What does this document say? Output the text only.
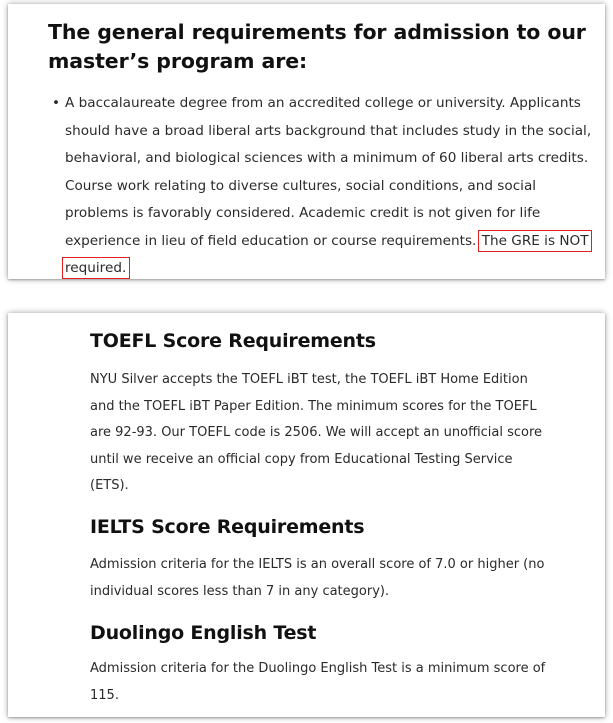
The general requirements for admission to our master’s program are:
• A baccalaureate degree from an accredited college or university. Applicants should have a broad liberal arts background that includes study in the social, behavioral, and biological sciences with a minimum of 60 liberal arts credits. Course work relating to diverse cultures, social conditions, and social problems is favorably considered. Academic credit is not given for life experience in lieu of field education or course requirements. The GRE is NOT required.
TOEFL Score Requirements

NYU Silver accepts the TOEFL iBT test, the TOEFL iBT Home Edition and the TOEFL iBT Paper Edition. The minimum scores for the TOEFL are 92-93. Our TOEFL code is 2506. We will accept an unofficial score until we receive an official copy from Educational Testing Service (ETS).

IELTS Score Requirements

Admission criteria for the IELTS is an overall score of 7.0 or higher (no individual scores less than 7 in any category).

Duolingo English Test

Admission criteria for the Duolingo English Test is a minimum score of 115.
